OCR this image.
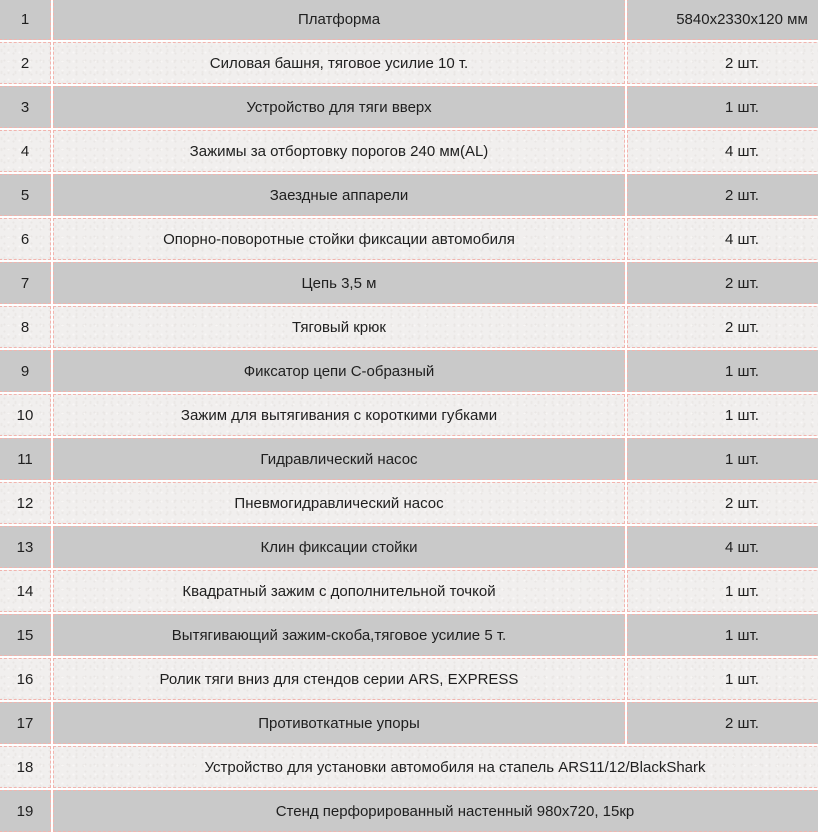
1	Платформа	5840x2330x120 мм
2	Силовая башня, тяговое усилие 10 т.	2 шт.
3	Устройство для тяги вверх	1 шт.
4	Зажимы за отбортовку порогов 240 мм(AL)	4 шт.
5	Заездные аппарели	2 шт.
6	Опорно-поворотные стойки фиксации автомобиля	4 шт.
7	Цепь 3,5 м	2 шт.
8	Тяговый крюк	2 шт.
9	Фиксатор цепи С-образный	1 шт.
10	Зажим для вытягивания с короткими губками	1 шт.
11	Гидравлический насос	1 шт.
12	Пневмогидравлический насос	2 шт.
13	Клин фиксации стойки	4 шт.
14	Квадратный зажим с дополнительной точкой	1 шт.
15	Вытягивающий зажим-скоба,тяговое усилие 5 т.	1 шт.
16	Ролик тяги вниз для стендов серии ARS, EXPRESS	1 шт.
17	Противоткатные упоры	2 шт.
18	Устройство для установки автомобиля на стапель ARS11/12/BlackShark	
19	Стенд перфорированный настенный 980x720, 15кр	
